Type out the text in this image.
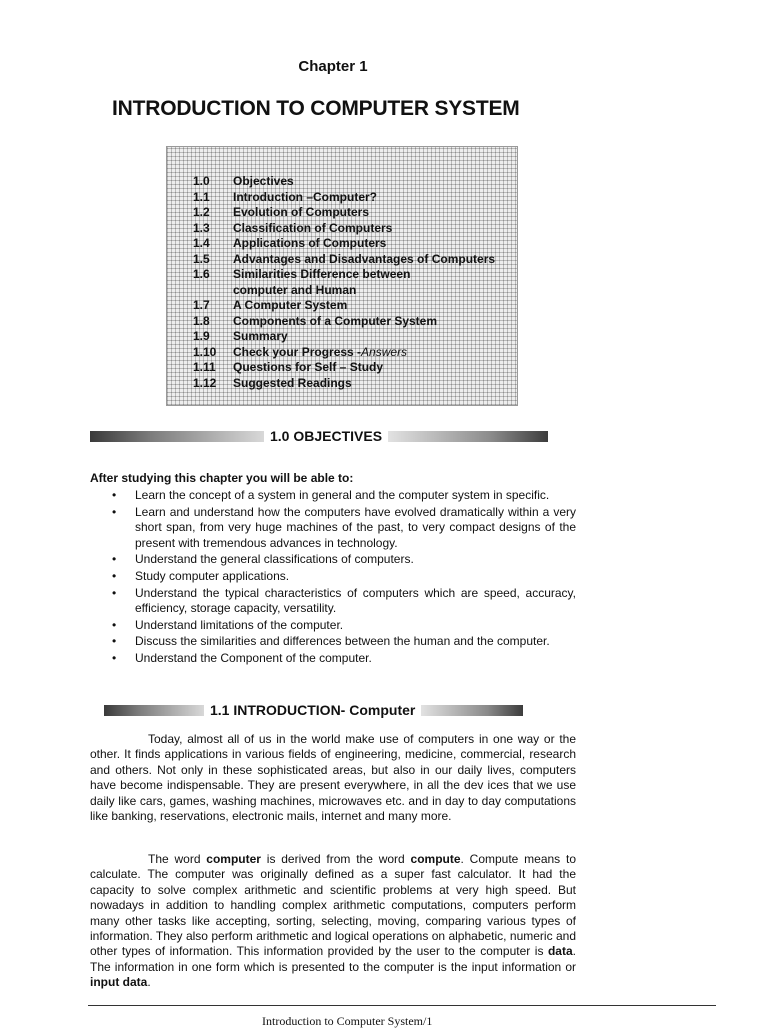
Chapter 1
INTRODUCTION TO COMPUTER SYSTEM
1.0	Objectives
1.1	Introduction –Computer?
1.2	Evolution of Computers
1.3	Classification of Computers
1.4	Applications of Computers
1.5	Advantages and Disadvantages of Computers
1.6	Similarities Difference between
computer and Human
1.7	A Computer System
1.8	Components of a Computer System
1.9	Summary
1.10	Check your Progress - Answers
1.11	Questions for Self – Study
1.12	Suggested Readings
1.0 OBJECTIVES
After studying this chapter you will be able to:
• Learn the concept of a system in general and the computer system in specific.
• Learn and understand how the computers have evolved dramatically within a very short span, from very huge machines of the past, to very compact designs of the present with tremendous advances in technology.
• Understand the general classifications of computers.
• Study computer applications.
• Understand the typical characteristics of computers which are speed, accuracy, efficiency, storage capacity, versatility.
• Understand limitations of the computer.
• Discuss the similarities and differences between the human and the computer.
• Understand the Component of the computer.
1.1 INTRODUCTION- Computer

Today, almost all of us in the world make use of computers in one way or the other. It finds applications in various fields of engineering, medicine, commercial, research and others. Not only in these sophisticated areas, but also in our daily lives, computers have become indispensable. They are present everywhere, in all the dev ices that we use daily like cars, games, washing machines, microwaves etc. and in day to day computations like banking, reservations, electronic mails, internet and many more.

The word computer is derived from the word compute. Compute means to calculate. The computer was originally defined as a super fast calculator. It had the capacity to solve complex arithmetic and scientific problems at very high speed. But nowadays in addition to handling complex arithmetic computations, computers perform many other tasks like accepting, sorting, selecting, moving, comparing various types of information. They also perform arithmetic and logical operations on alphabetic, numeric and other types of information. This information provided by the user to the computer is data. The information in one form which is presented to the computer is the input information or input data.

Introduction to Computer System/1
